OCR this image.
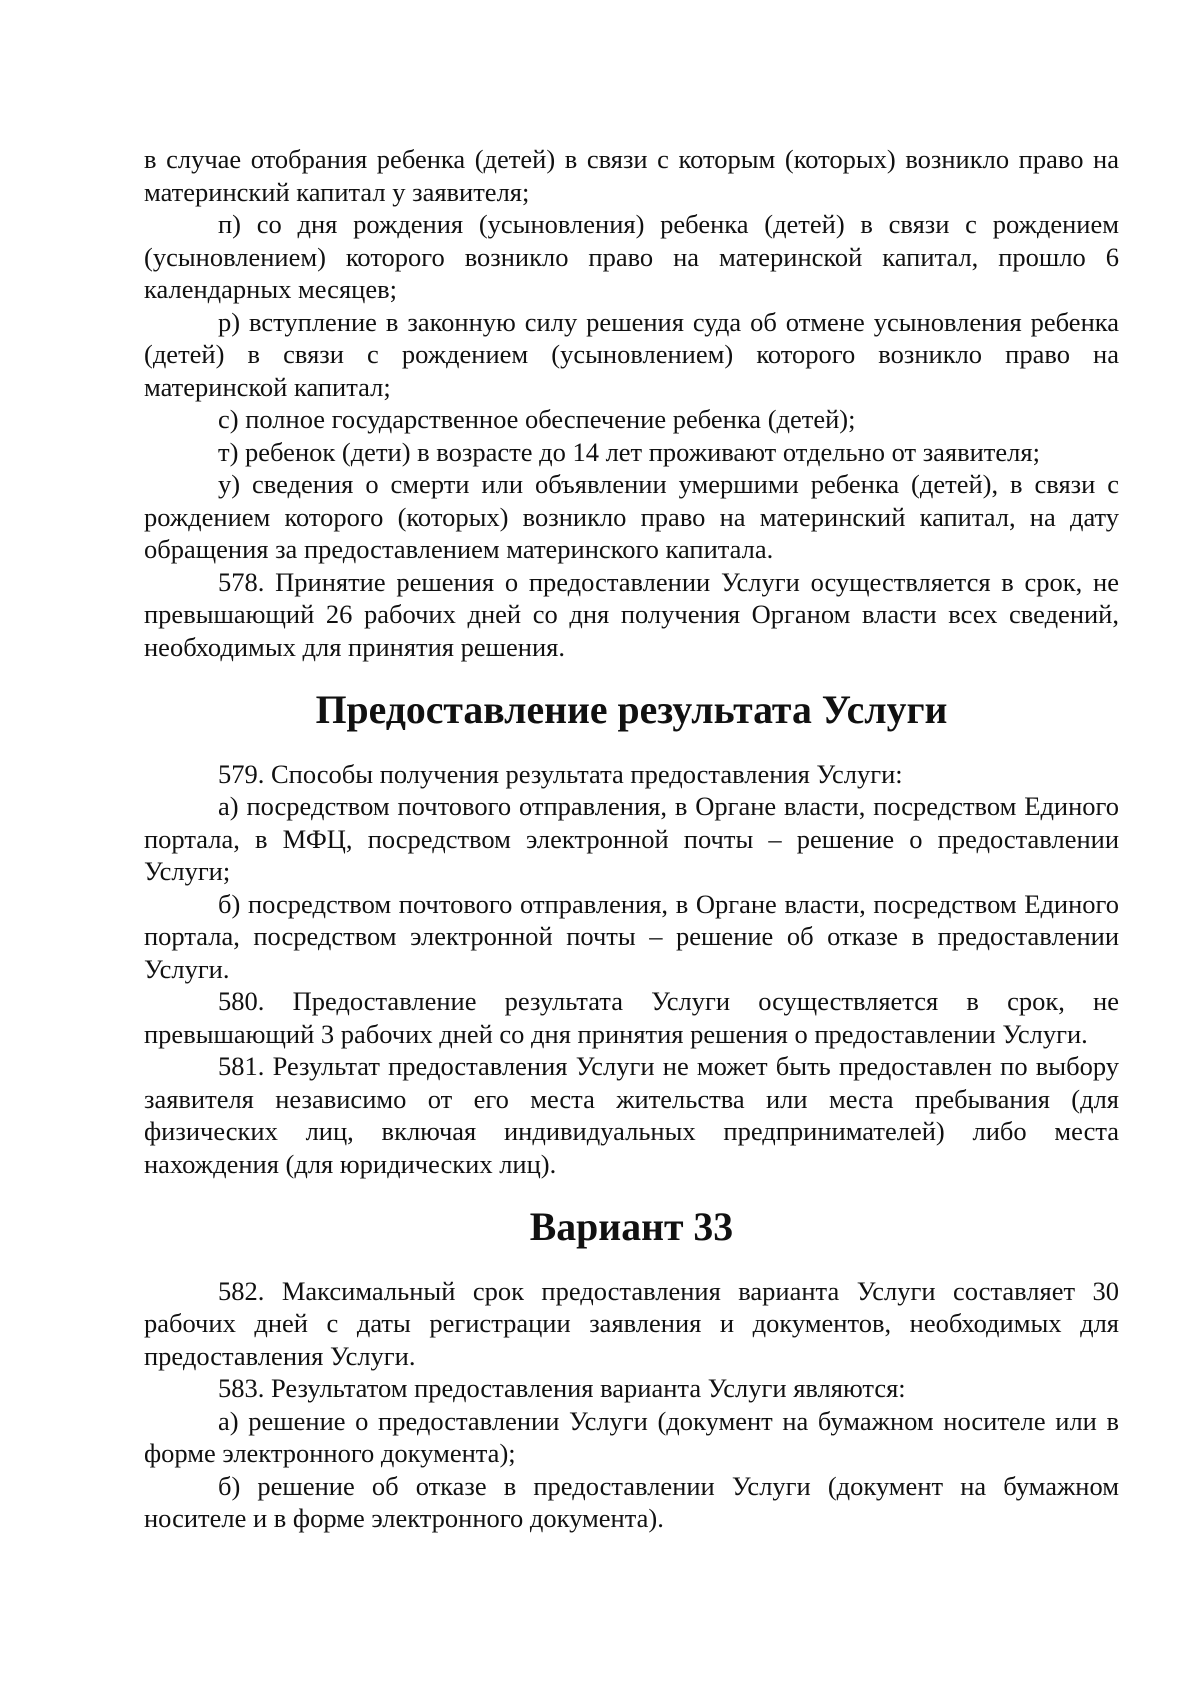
в случае отобрания ребенка (детей) в связи с которым (которых) возникло право на материнский капитал у заявителя;

п) со дня рождения (усыновления) ребенка (детей) в связи с рождением (усыновлением) которого возникло право на материнской капитал, прошло 6 календарных месяцев;

р) вступление в законную силу решения суда об отмене усыновления ребенка (детей) в связи с рождением (усыновлением) которого возникло право на материнской капитал;

с) полное государственное обеспечение ребенка (детей);

т) ребенок (дети) в возрасте до 14 лет проживают отдельно от заявителя;

у) сведения о смерти или объявлении умершими ребенка (детей), в связи с рождением которого (которых) возникло право на материнский капитал, на дату обращения за предоставлением материнского капитала.

578. Принятие решения о предоставлении Услуги осуществляется в срок, не превышающий 26 рабочих дней со дня получения Органом власти всех сведений, необходимых для принятия решения.

Предоставление результата Услуги

579. Способы получения результата предоставления Услуги:

а) посредством почтового отправления, в Органе власти, посредством Единого портала, в МФЦ, посредством электронной почты – решение о предоставлении Услуги;

б) посредством почтового отправления, в Органе власти, посредством Единого портала, посредством электронной почты – решение об отказе в предоставлении Услуги.

580. Предоставление результата Услуги осуществляется в срок, не превышающий 3 рабочих дней со дня принятия решения о предоставлении Услуги.

581. Результат предоставления Услуги не может быть предоставлен по выбору заявителя независимо от его места жительства или места пребывания (для физических лиц, включая индивидуальных предпринимателей) либо места нахождения (для юридических лиц).

Вариант 33

582. Максимальный срок предоставления варианта Услуги составляет 30 рабочих дней с даты регистрации заявления и документов, необходимых для предоставления Услуги.

583. Результатом предоставления варианта Услуги являются:

а) решение о предоставлении Услуги (документ на бумажном носителе или в форме электронного документа);

б) решение об отказе в предоставлении Услуги (документ на бумажном носителе и в форме электронного документа).
